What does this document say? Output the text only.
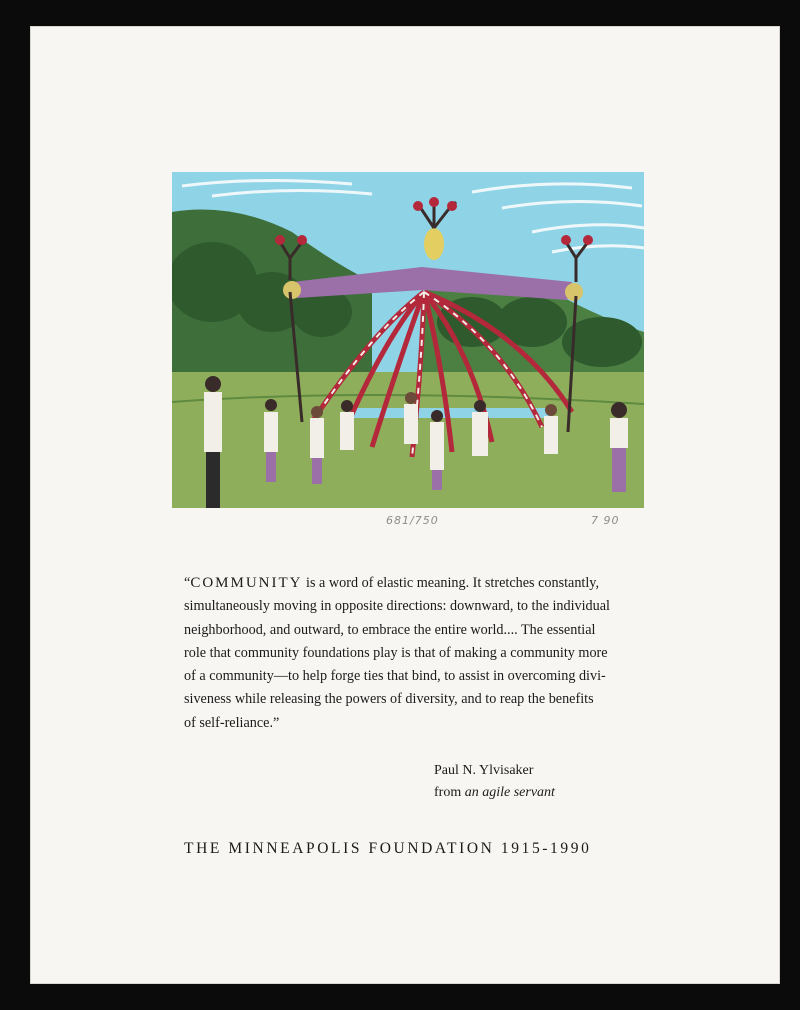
681/750	7 90
“COMMUNITY is a word of elastic meaning. It stretches constantly,
simultaneously moving in opposite directions: downward, to the individual
neighborhood, and outward, to embrace the entire world.... The essential
role that community foundations play is that of making a community more
of a community—to help forge ties that bind, to assist in overcoming divi-
siveness while releasing the powers of diversity, and to reap the benefits
of self-reliance.”
Paul N. Ylvisaker
from an agile servant
THE MINNEAPOLIS FOUNDATION 1915-1990
